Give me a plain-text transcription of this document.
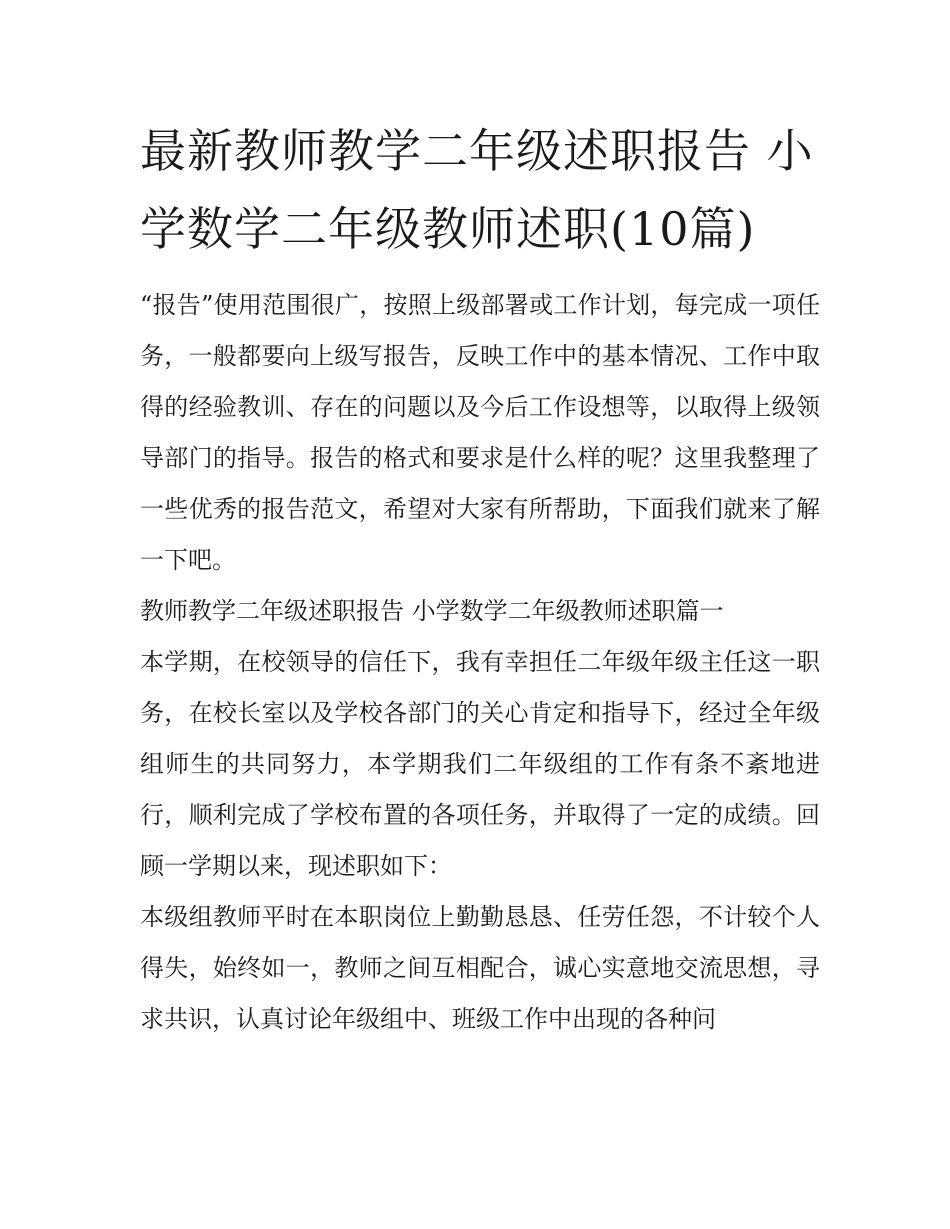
最新教师教学二年级述职报告 小学数学二年级教师述职(10篇)

“报告”使用范围很广，按照上级部署或工作计划，每完成一项任务，一般都要向上级写报告，反映工作中的基本情况、工作中取得的经验教训、存在的问题以及今后工作设想等，以取得上级领导部门的指导。报告的格式和要求是什么样的呢？这里我整理了一些优秀的报告范文，希望对大家有所帮助，下面我们就来了解一下吧。

教师教学二年级述职报告 小学数学二年级教师述职篇一

本学期，在校领导的信任下，我有幸担任二年级年级主任这一职务，在校长室以及学校各部门的关心肯定和指导下，经过全年级组师生的共同努力，本学期我们二年级组的工作有条不紊地进行，顺利完成了学校布置的各项任务，并取得了一定的成绩。回顾一学期以来，现述职如下：

本级组教师平时在本职岗位上勤勤恳恳、任劳任怨，不计较个人得失，始终如一，教师之间互相配合，诚心实意地交流思想，寻求共识，认真讨论年级组中、班级工作中出现的各种问
